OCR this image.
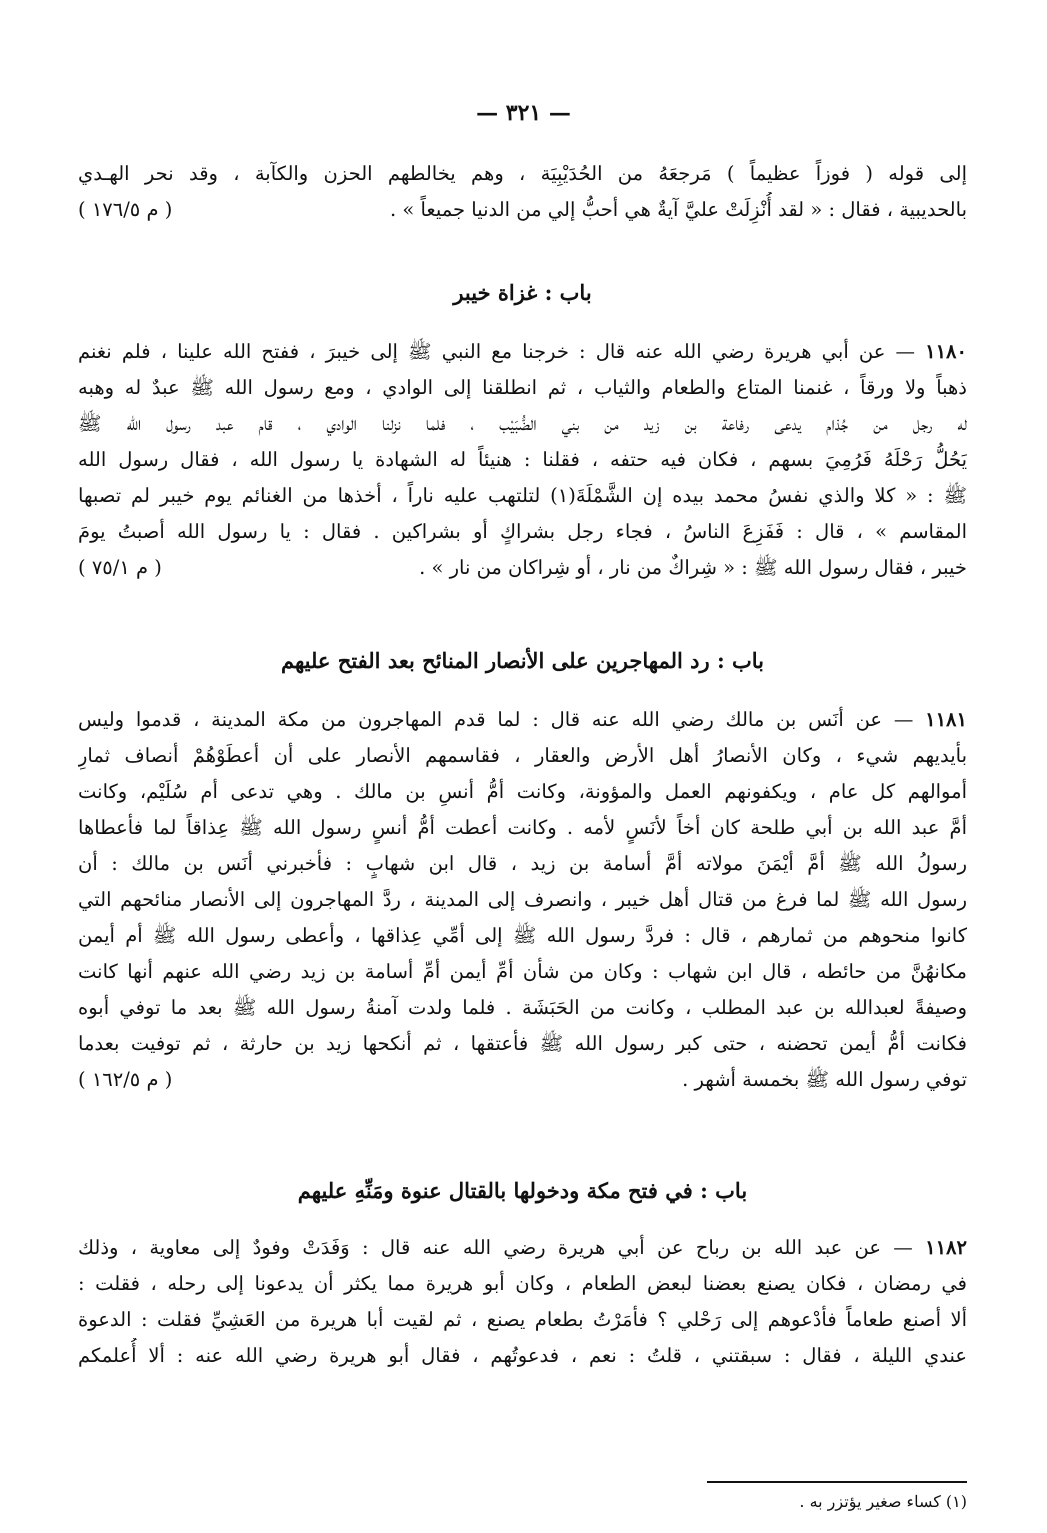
— ٣٢١ —
إلى قوله ( فوزاً عظيماً ) مَرجعَهُ من الحُدَيْبِيَة ، وهم يخالطهم الحزن والكآبة ، وقد نحر الهـدي
بالحديبية ، فقال : « لقد أُنْزِلَتْ عليَّ آيةٌ هي أحبُّ إلي من الدنيا جميعاً » .
( م ١٧٦/٥ )
باب : غزاة خيبر
١١٨٠ — عن أبي هريرة رضي الله عنه قال : خرجنا مع النبي ﷺ إلى خيبرَ ، ففتح الله علينا ، فلم نغنم
ذهباً ولا ورقاً ، غنمنا المتاع والطعام والثياب ، ثم انطلقنا إلى الوادي ، ومع رسول الله ﷺ عبدٌ له وهبه
له رجل من جُذام يدعى رفاعة بن زيد من بني الضُّبَيْب ، فلما نزلنا الوادي ، قام عبد رسول الله ﷺ
يَحُلُّ رَحْلَهُ فَرُمِيَ بسهم ، فكان فيه حتفه ، فقلنا : هنيئاً له الشهادة يا رسول الله ، فقال رسول الله
ﷺ : « كلا والذي نفسُ محمد بيده إن الشَّمْلَةَ(١) لتلتهب عليه ناراً ، أخذها من الغنائم يوم خيبر لم تصبها
المقاسم » ، قال : فَفَزِعَ الناسُ ، فجاء رجل بشراكٍ أو بشراكين . فقال : يا رسول الله أصبتُ يومَ
خيبر ، فقال رسول الله ﷺ : « شِراكٌ من نار ، أو شِراكان من نار » .
( م ٧٥/١ )
باب : رد المهاجرين على الأنصار المنائح بعد الفتح عليهم
١١٨١ — عن أنَس بن مالك رضي الله عنه قال : لما قدم المهاجرون من مكة المدينة ، قدموا وليس
بأيديهم شيء ، وكان الأنصارُ أهل الأرض والعقار ، فقاسمهم الأنصار على أن أعطَوْهُمْ أنصاف ثمارِ
أموالهم كل عام ، ويكفونهم العمل والمؤونة، وكانت أمُّ أنسِ بن مالك . وهي تدعى أم سُلَيْم، وكانت
أمَّ عبد الله بن أبي طلحة كان أخاً لأنَسٍ لأمه . وكانت أعطت أمُّ أنسٍ رسول الله ﷺ عِذاقاً لما فأعطاها
رسولُ الله ﷺ أمَّ أيْمَنَ مولاته أمَّ أسامة بن زيد ، قال ابن شهابٍ : فأخبرني أنَس بن مالك : أن
رسول الله ﷺ لما فرغ من قتال أهل خيبر ، وانصرف إلى المدينة ، ردَّ المهاجرون إلى الأنصار منائحهم التي
كانوا منحوهم من ثمارهم ، قال : فردَّ رسول الله ﷺ إلى أمِّي عِذاقها ، وأعطى رسول الله ﷺ أم أيمن
مكانهُنَّ من حائطه ، قال ابن شهاب : وكان من شأن أمِّ أيمن أمِّ أسامة بن زيد رضي الله عنهم أنها كانت
وصيفةً لعبدالله بن عبد المطلب ، وكانت من الحَبَشَة . فلما ولدت آمنةُ رسول الله ﷺ بعد ما توفي أبوه
فكانت أمُّ أيمن تحضنه ، حتى كبر رسول الله ﷺ فأعتقها ، ثم أنكحها زيد بن حارثة ، ثم توفيت بعدما
توفي رسول الله ﷺ بخمسة أشهر .
( م ١٦٢/٥ )
باب : في فتح مكة ودخولها بالقتال عنوة ومَنِّهِ عليهم
١١٨٢ — عن عبد الله بن رباح عن أبي هريرة رضي الله عنه قال : وَفَدَتْ وفودٌ إلى معاوية ، وذلك
في رمضان ، فكان يصنع بعضنا لبعض الطعام ، وكان أبو هريرة مما يكثر أن يدعونا إلى رحله ، فقلت :
ألا أصنع طعاماً فأدْعوهم إلى رَحْلي ؟ فأمَرْتُ بطعام يصنع ، ثم لقيت أبا هريرة من العَشِيِّ فقلت : الدعوة
عندي الليلة ، فقال : سبقتني ، قلتُ : نعم ، فدعوتُهم ، فقال أبو هريرة رضي الله عنه : ألا أُعلمكم
(١) كساء صغير يؤتزر به .
